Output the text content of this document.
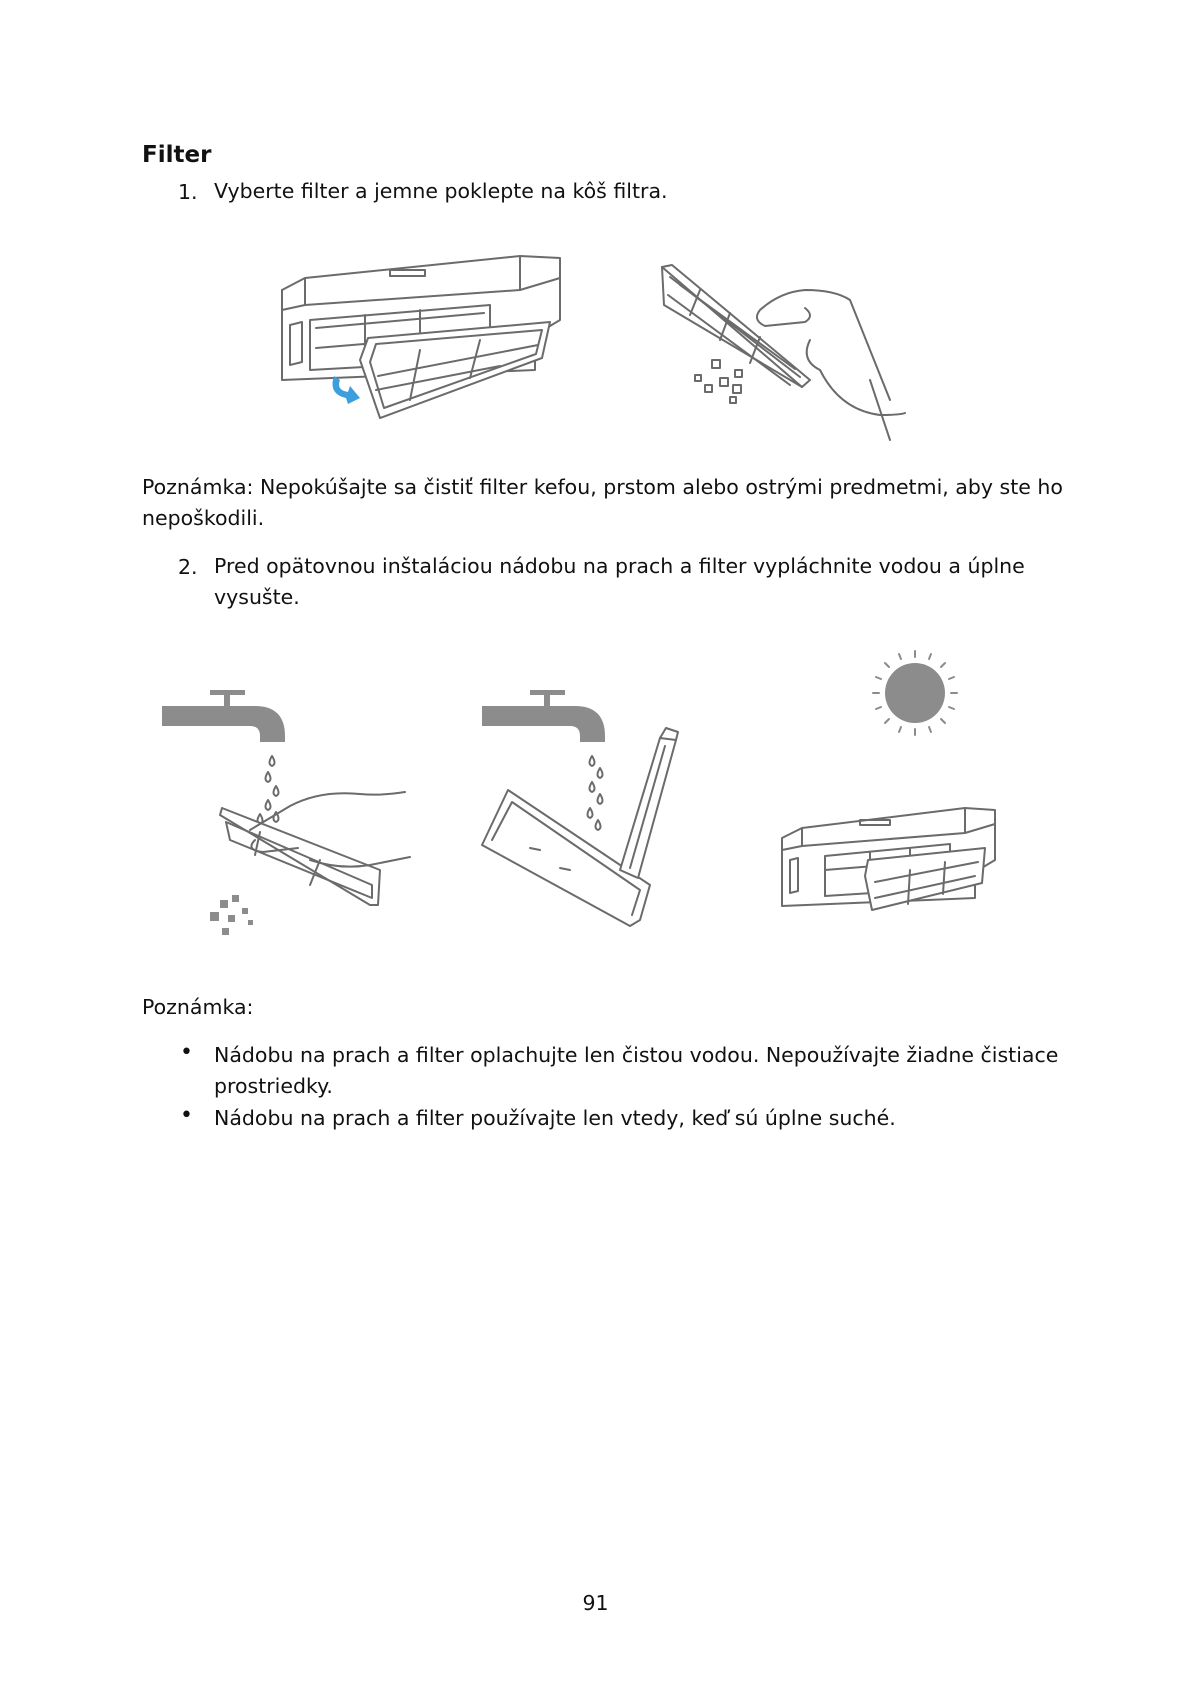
Filter
1. Vyberte filter a jemne poklepte na kôš filtra.
Poznámka: Nepokúšajte sa čistiť filter kefou, prstom alebo ostrými predmetmi, aby ste ho
nepoškodili.
2. Pred opätovnou inštaláciou nádobu na prach a filter vypláchnite vodou a úplne
vysušte.
Poznámka:
• Nádobu na prach a filter oplachujte len čistou vodou. Nepoužívajte žiadne čistiace
prostriedky.
• Nádobu na prach a filter používajte len vtedy, keď sú úplne suché.
91
